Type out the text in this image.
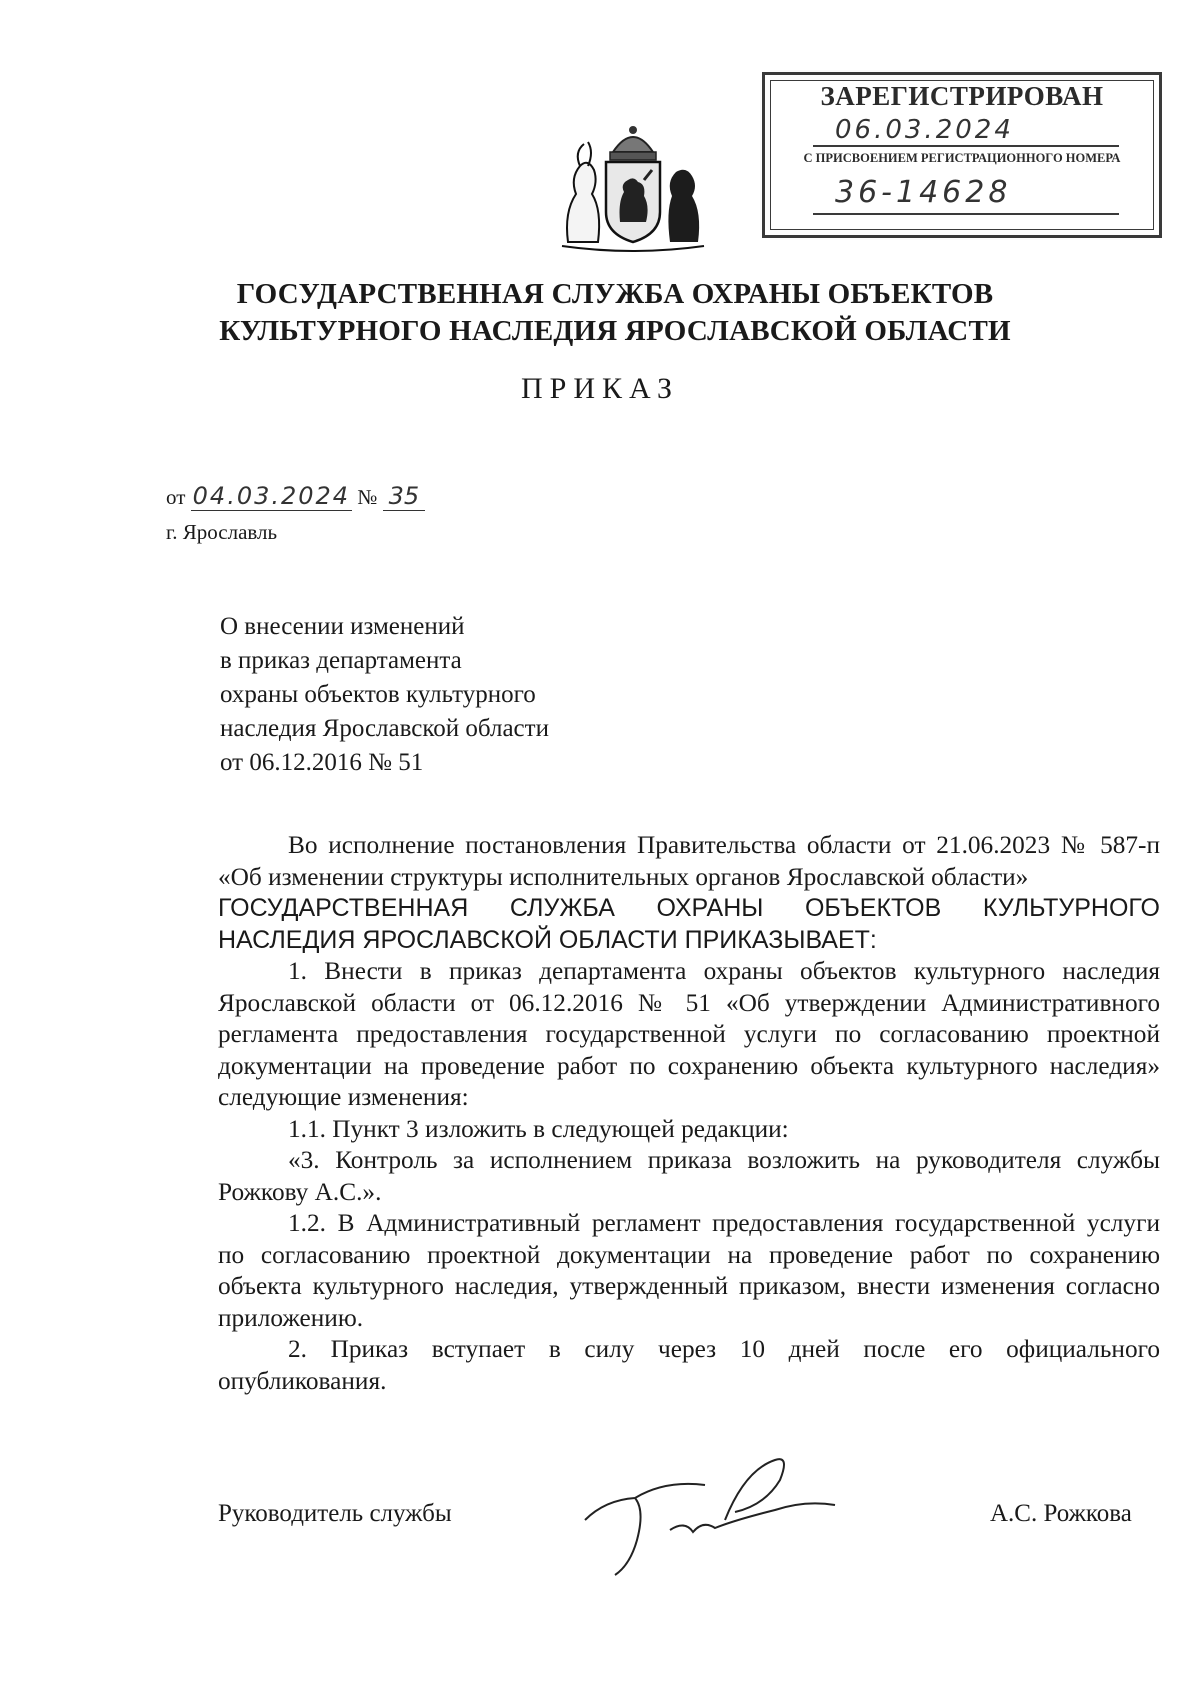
ЗАРЕГИСТРИРОВАН
06.03.2024
С ПРИСВОЕНИЕМ РЕГИСТРАЦИОННОГО НОМЕРА
36-14628
ГОСУДАРСТВЕННАЯ СЛУЖБА ОХРАНЫ ОБЪЕКТОВ
КУЛЬТУРНОГО НАСЛЕДИЯ ЯРОСЛАВСКОЙ ОБЛАСТИ
ПРИКАЗ
от 04.03.2024 № 35
г. Ярославль
О внесении изменений
в приказ департамента
охраны объектов культурного
наследия Ярославской области
от 06.12.2016 № 51

Во исполнение постановления Правительства области от 21.06.2023 № 587-п «Об изменении структуры исполнительных органов Ярославской области»

ГОСУДАРСТВЕННАЯ СЛУЖБА ОХРАНЫ ОБЪЕКТОВ КУЛЬТУРНОГО НАСЛЕДИЯ ЯРОСЛАВСКОЙ ОБЛАСТИ ПРИКАЗЫВАЕТ:

1. Внести в приказ департамента охраны объектов культурного наследия Ярославской области от 06.12.2016 № 51 «Об утверждении Административного регламента предоставления государственной услуги по согласованию проектной документации на проведение работ по сохранению объекта культурного наследия» следующие изменения:

1.1. Пункт 3 изложить в следующей редакции:

«3. Контроль за исполнением приказа возложить на руководителя службы Рожкову А.С.».

1.2. В Административный регламент предоставления государственной услуги по согласованию проектной документации на проведение работ по сохранению объекта культурного наследия, утвержденный приказом, внести изменения согласно приложению.

2. Приказ вступает в силу через 10 дней после его официального опубликования.

Руководитель службы	А.С. Рожкова
